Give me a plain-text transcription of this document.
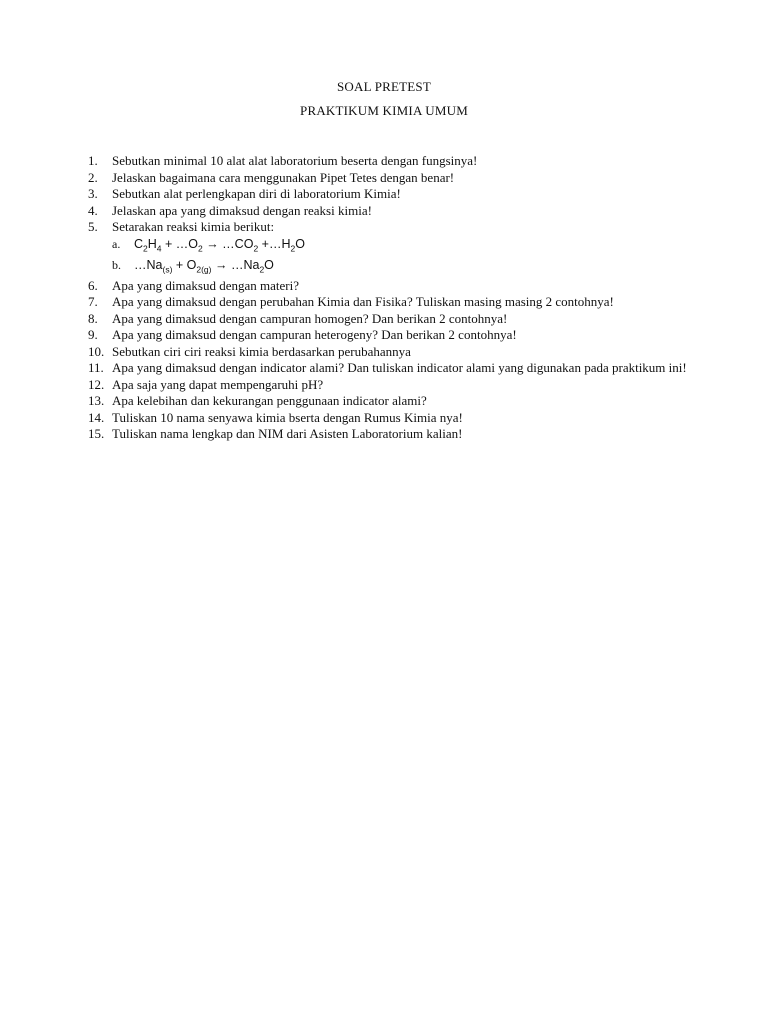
SOAL PRETEST
PRAKTIKUM KIMIA UMUM
1.	Sebutkan minimal 10 alat alat laboratorium beserta dengan fungsinya!
2.	Jelaskan bagaimana cara menggunakan Pipet Tetes dengan benar!
3.	Sebutkan alat perlengkapan diri di laboratorium Kimia!
4.	Jelaskan apa yang dimaksud dengan reaksi kimia!
5.	Setarakan reaksi kimia berikut:
a.	$C_2H_4$ + $\dots O_2$ → $\dots CO_2$ $+\dots H_2O$
b.	$\dots Na_{(s)} + O_{2(g)}$ → $\dots Na_2O$
6.	Apa yang dimaksud dengan materi?
7.	Apa yang dimaksud dengan perubahan Kimia dan Fisika? Tuliskan masing masing 2 contohnya!
8.	Apa yang dimaksud dengan campuran homogen? Dan berikan 2 contohnya!
9.	Apa yang dimaksud dengan campuran heterogeny? Dan berikan 2 contohnya!
10. Sebutkan ciri ciri reaksi kimia berdasarkan perubahannya
11. Apa yang dimaksud dengan indicator alami? Dan tuliskan indicator alami yang digunakan pada praktikum ini!
12. Apa saja yang dapat mempengaruhi pH?
13. Apa kelebihan dan kekurangan penggunaan indicator alami?
14. Tuliskan 10 nama senyawa kimia bserta dengan Rumus Kimia nya!
15. Tuliskan nama lengkap dan NIM dari Asisten Laboratorium kalian!
